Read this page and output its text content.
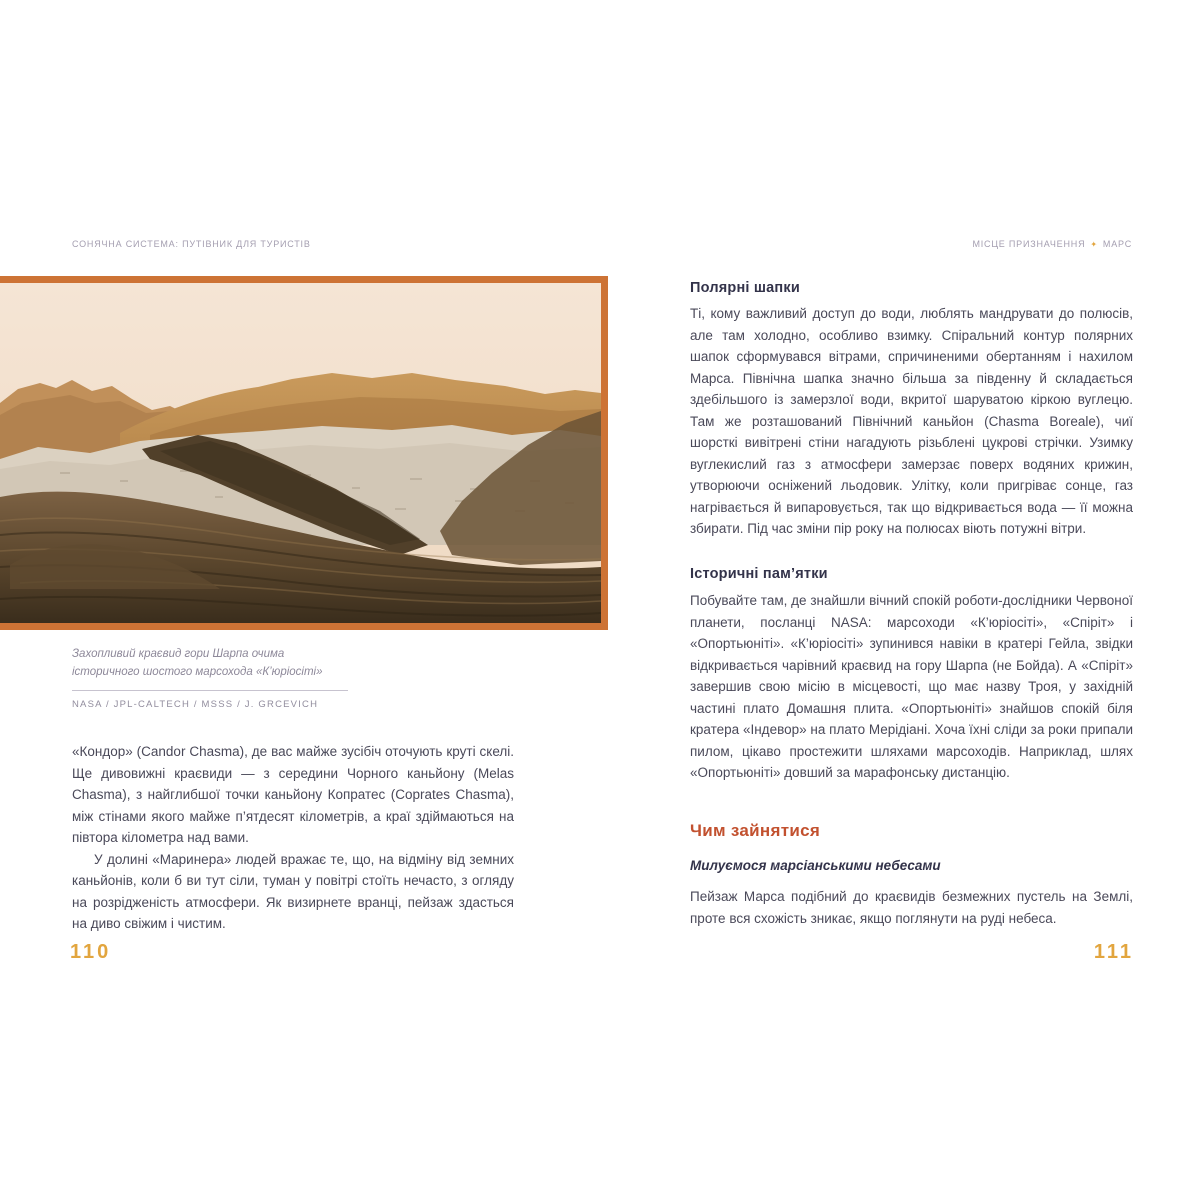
СОНЯЧНА СИСТЕМА: ПУТІВНИК ДЛЯ ТУРИСТІВ	МІСЦЕ ПРИЗНАЧЕННЯ ✦ МАРС
Захопливий краєвид гори Шарпа очима
історичного шостого марсохода «К’юріосіті»
NASA / JPL-CALTECH / MSSS / J. GRCEVICH

«Кондор» (Candor Chasma), де вас майже зусібіч оточують круті скелі. Ще дивовижні краєвиди — з середини Чорного каньйону (Melas Chasma), з найглибшої точки каньйону Копратес (Coprates Chasma), між стінами якого майже п’ятдесят кілометрів, а краї здіймаються на півтора кілометра над вами.

У долині «Маринера» людей вражає те, що, на відміну від земних каньйонів, коли б ви тут сіли, туман у повітрі стоїть нечасто, з огляду на розрідженість атмосфери. Як визирнете вранці, пейзаж здасться на диво свіжим і чистим.

110
Полярні шапки

Ті, кому важливий доступ до води, люблять мандрувати до полюсів, але там холодно, особливо взимку. Спіральний контур полярних шапок сформувався вітрами, спричиненими обертанням і нахилом Марса. Північна шапка значно більша за південну й складається здебільшого із замерзлої води, вкритої шаруватою кіркою вуглецю. Там же розташований Північний каньйон (Chasma Boreale), чиї шорсткі вивітрені стіни нагадують різьблені цукрові стрічки. Узимку вуглекислий газ з атмосфери замерзає поверх водяних крижин, утворюючи осніжений льодовик. Улітку, коли пригріває сонце, газ нагрівається й випаровується, так що відкривається вода — її можна збирати. Під час зміни пір року на полюсах віють потужні вітри.

Історичні пам’ятки

Побувайте там, де знайшли вічний спокій роботи-дослідники Червоної планети, посланці NASA: марсоходи «К’юріосіті», «Спіріт» і «Опортьюніті». «К’юріосіті» зупинився навіки в кратері Гейла, звідки відкривається чарівний краєвид на гору Шарпа (не Бойда). А «Спіріт» завершив свою місію в місцевості, що має назву Троя, у західній частині плато Домашня плита. «Опортьюніті» знайшов спокій біля кратера «Індевор» на плато Мерідіані. Хоча їхні сліди за роки припали пилом, цікаво простежити шляхами марсоходів. Наприклад, шлях «Опортьюніті» довший за марафонську дистанцію.

Чим зайнятися
Милуємося марсіанськими небесами

Пейзаж Марса подібний до краєвидів безмежних пустель на Землі, проте вся схожість зникає, якщо поглянути на руді небеса.

111
